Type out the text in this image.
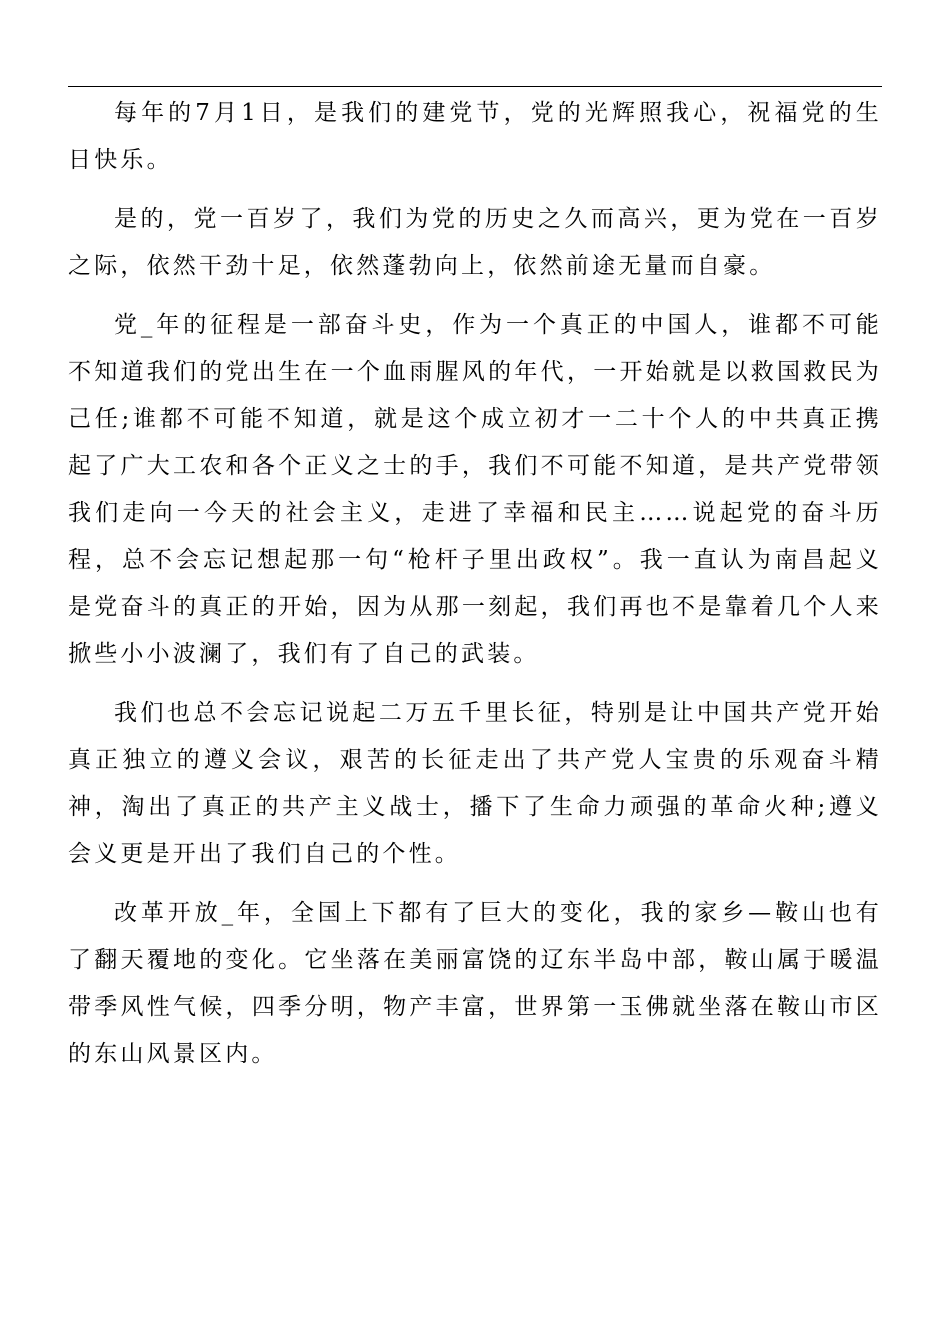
每年的7月1日，是我们的建党节，党的光辉照我心，祝福党的生日快乐。

是的，党一百岁了，我们为党的历史之久而高兴，更为党在一百岁之际，依然干劲十足，依然蓬勃向上，依然前途无量而自豪。

党_年的征程是一部奋斗史，作为一个真正的中国人，谁都不可能不知道我们的党出生在一个血雨腥风的年代，一开始就是以救国救民为己任;谁都不可能不知道，就是这个成立初才一二十个人的中共真正携起了广大工农和各个正义之士的手，我们不可能不知道，是共产党带领我们走向一今天的社会主义，走进了幸福和民主……说起党的奋斗历程，总不会忘记想起那一句“枪杆子里出政权”。我一直认为南昌起义是党奋斗的真正的开始，因为从那一刻起，我们再也不是靠着几个人来掀些小小波澜了，我们有了自己的武装。

我们也总不会忘记说起二万五千里长征，特别是让中国共产党开始真正独立的遵义会议，艰苦的长征走出了共产党人宝贵的乐观奋斗精神，淘出了真正的共产主义战士，播下了生命力顽强的革命火种;遵义会义更是开出了我们自己的个性。

改革开放_年，全国上下都有了巨大的变化，我的家乡—鞍山也有了翻天覆地的变化。它坐落在美丽富饶的辽东半岛中部，鞍山属于暖温带季风性气候，四季分明，物产丰富，世界第一玉佛就坐落在鞍山市区的东山风景区内。
